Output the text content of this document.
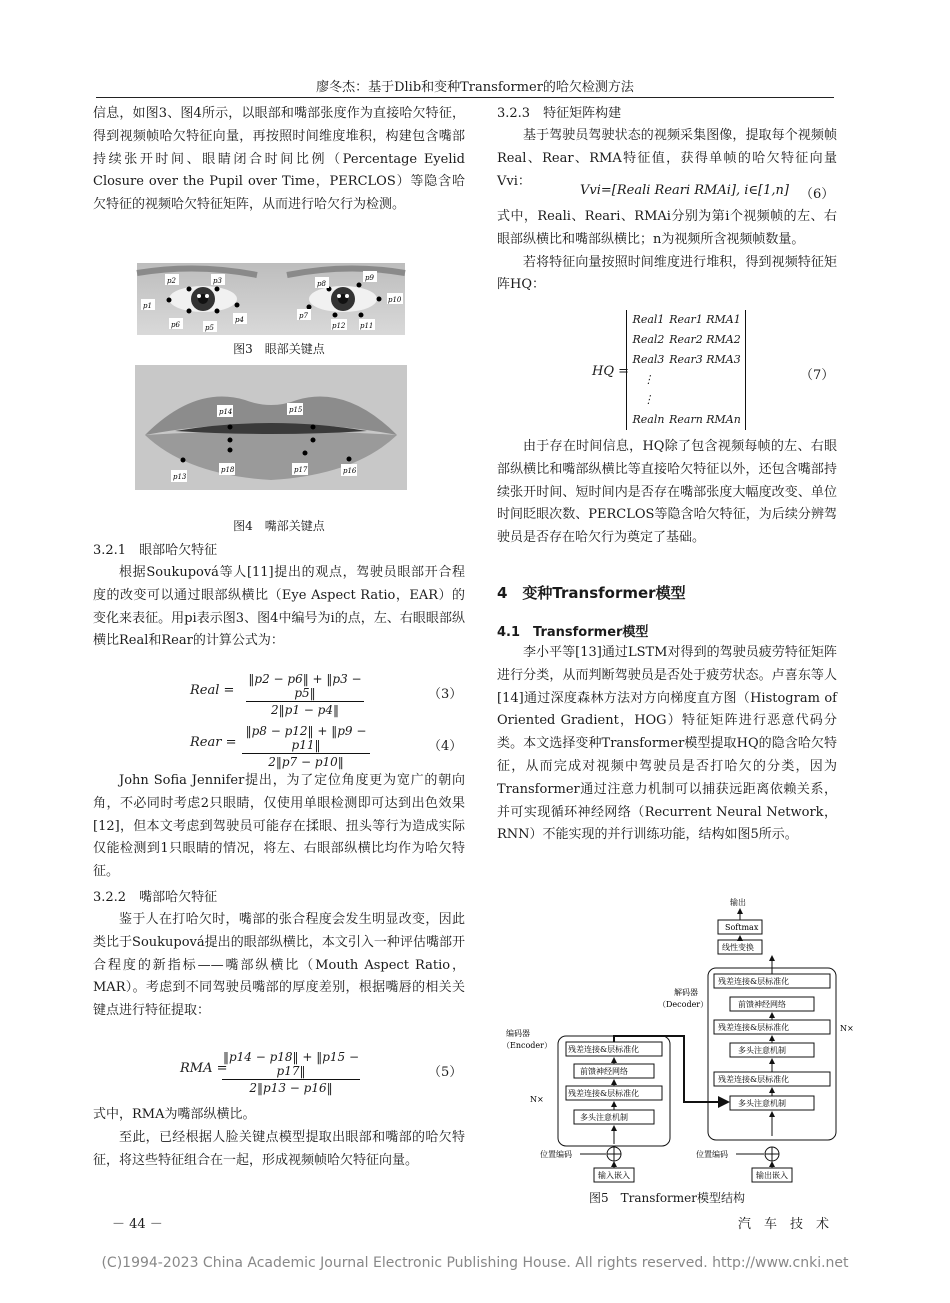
廖冬杰：基于Dlib和变种Transformer的哈欠检测方法

信息，如图3、图4所示，以眼部和嘴部张度作为直接哈欠特征，得到视频帧哈欠特征向量，再按照时间维度堆积，构建包含嘴部持续张开时间、眼睛闭合时间比例（Percentage Eyelid Closure over the Pupil over Time，PERCLOS）等隐含哈欠特征的视频哈欠特征矩阵，从而进行哈欠行为检测。

p2	p3
p1
p4
p6	p5
p8
p9
p7
p10
p12 p11
图3　眼部关键点
p14	p15
p18	p17
p13
p16
图4　嘴部关键点

3.2.1　眼部哈欠特征

根据Soukupová等人[11]提出的观点，驾驶员眼部开合程度的改变可以通过眼部纵横比（Eye Aspect Ratio，EAR）的变化来表征。用pi表示图3、图4中编号为i的点，左、右眼眼部纵横比Real和Rear的计算公式为：

Real =
‖p2 − p6‖ + ‖p3 − p5‖
2‖p1 − p4‖
（3）
Rear =
‖p8 − p12‖ + ‖p9 − p11‖
2‖p7 − p10‖
（4）

John Sofia Jennifer提出，为了定位角度更为宽广的朝向角，不必同时考虑2只眼睛，仅使用单眼检测即可达到出色效果[12]，但本文考虑到驾驶员可能存在揉眼、扭头等行为造成实际仅能检测到1只眼睛的情况，将左、右眼部纵横比均作为哈欠特征。

3.2.2　嘴部哈欠特征

鉴于人在打哈欠时，嘴部的张合程度会发生明显改变，因此类比于Soukupová提出的眼部纵横比，本文引入一种评估嘴部开合程度的新指标——嘴部纵横比（Mouth Aspect Ratio，MAR）。考虑到不同驾驶员嘴部的厚度差别，根据嘴唇的相关关键点进行特征提取：

RMA =
‖p14 − p18‖ + ‖p15 − p17‖
2‖p13 − p16‖
（5）

式中，RMA为嘴部纵横比。

至此，已经根据人脸关键点模型提取出眼部和嘴部的哈欠特征，将这些特征组合在一起，形成视频帧哈欠特征向量。

－ 44 －

3.2.3　特征矩阵构建

基于驾驶员驾驶状态的视频采集图像，提取每个视频帧Real、Rear、RMA特征值，获得单帧的哈欠特征向量Vvi：

Vvi=[Reali Reari RMAi], i∈[1,n] （6）

式中，Reali、Reari、RMAi分别为第i个视频帧的左、右眼部纵横比和嘴部纵横比；n为视频所含视频帧数量。

若将特征向量按照时间维度进行堆积，得到视频特征矩阵HQ：

HQ =
Real1 Rear1 RMA1
Real2 Rear2 RMA2
Real3 Rear3 RMA3
⋮
⋮
Realn Rearn RMAn
（7）

由于存在时间信息，HQ除了包含视频每帧的左、右眼部纵横比和嘴部纵横比等直接哈欠特征以外，还包含嘴部持续张开时间、短时间内是否存在嘴部张度大幅度改变、单位时间眨眼次数、PERCLOS等隐含哈欠特征，为后续分辨驾驶员是否存在哈欠行为奠定了基础。

4　变种Transformer模型

4.1　Transformer模型

李小平等[13]通过LSTM对得到的驾驶员疲劳特征矩阵进行分类，从而判断驾驶员是否处于疲劳状态。卢喜东等人[14]通过深度森林方法对方向梯度直方图（Histogram of Oriented Gradient，HOG）特征矩阵进行恶意代码分类。本文选择变种Transformer模型提取HQ的隐含哈欠特征，从而完成对视频中驾驶员是否打哈欠的分类，因为Transformer通过注意力机制可以捕获远距离依赖关系，并可实现循环神经网络（Recurrent Neural Network，RNN）不能实现的并行训练功能，结构如图5所示。

输出
Softmax
线性变换
解码器
（Decoder）
N×
残差连接&层标准化
前馈神经网络
残差连接&层标准化
多头注意机制
残差连接&层标准化
多头注意机制
编码器
（Encoder）
N×
残差连接&层标准化
前馈神经网络
残差连接&层标准化
多头注意机制
位置编码
输入嵌入
位置编码
输出嵌入
图5　Transformer模型结构
汽　车　技　术
(C)1994-2023 China Academic Journal Electronic Publishing House. All rights reserved. http://www.cnki.net
